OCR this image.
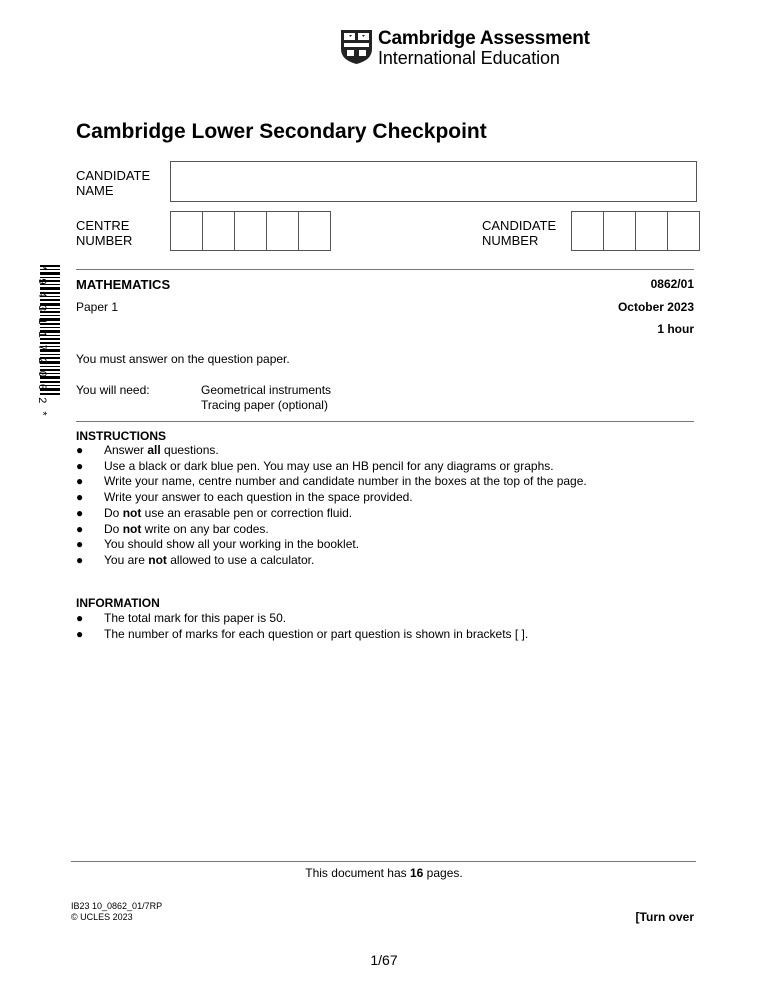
Cambridge Assessment
International Education
Cambridge Lower Secondary Checkpoint
CANDIDATE
NAME
CENTRE
NUMBER
CANDIDATE
NUMBER
* 9 4 3 1 1 7 2 0 0 2 * MATHEMATICS	0862/01
Paper 1	October 2023
1 hour
You must answer on the question paper.
You will need:	Geometrical instruments
Tracing paper (optional)
INSTRUCTIONS
● Answer all questions.
● Use a black or dark blue pen. You may use an HB pencil for any diagrams or graphs.
● Write your name, centre number and candidate number in the boxes at the top of the page.
● Write your answer to each question in the space provided.
● Do not use an erasable pen or correction fluid.
● Do not write on any bar codes.
● You should show all your working in the booklet.
● You are not allowed to use a calculator.
INFORMATION
● The total mark for this paper is 50.
● The number of marks for each question or part question is shown in brackets [ ].
This document has 16 pages.
IB23 10_0862_01/7RP
© UCLES 2023	[Turn over
1/67
